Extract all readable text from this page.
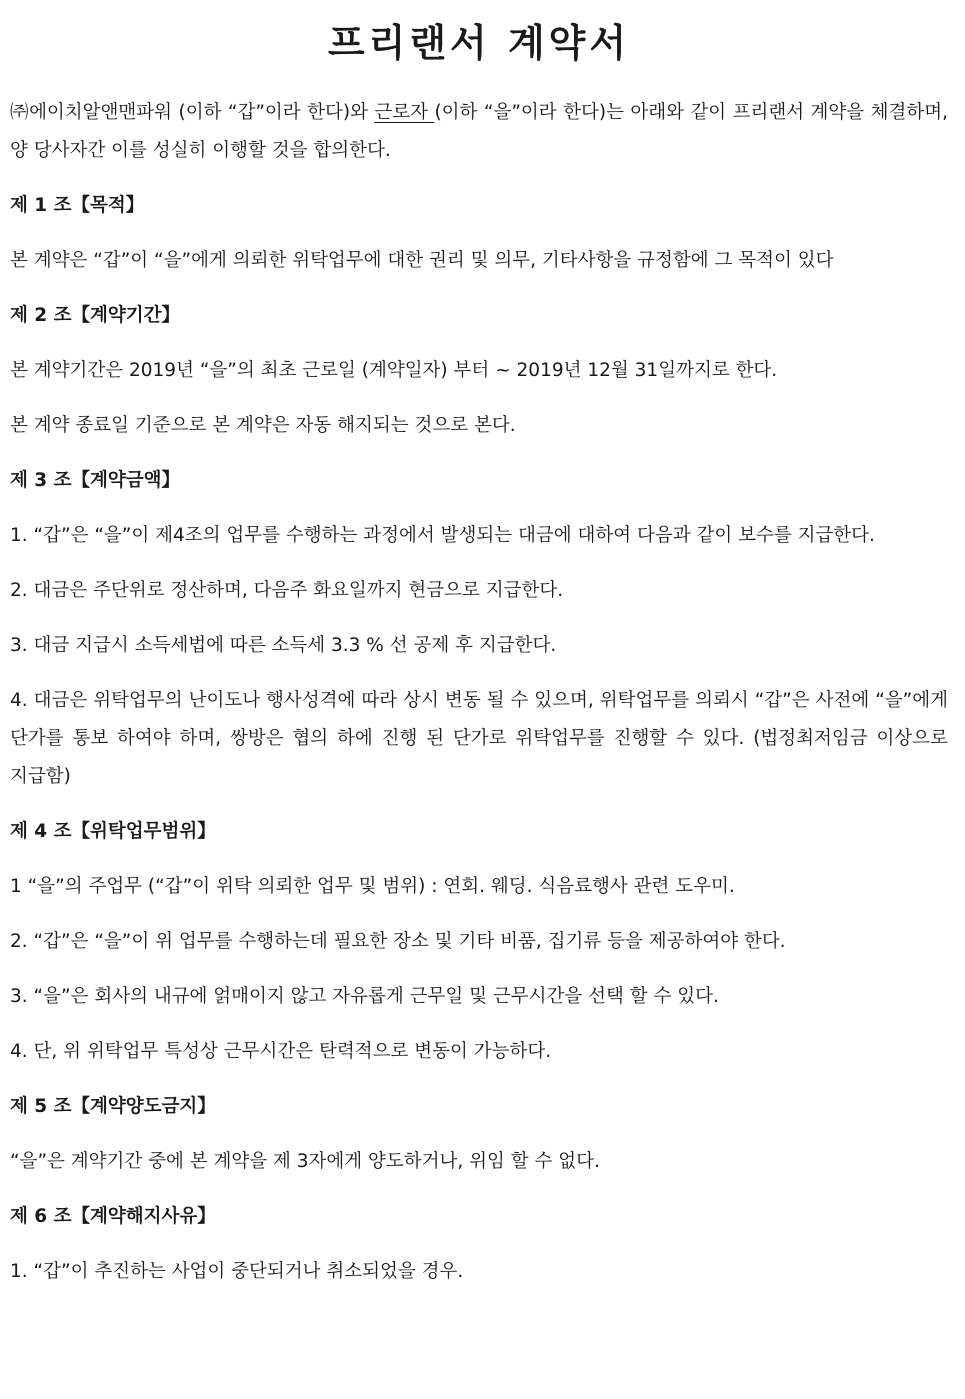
프리랜서 계약서

㈜에이치알앤맨파워 (이하 “갑”이라 한다)와 근로자 (이하 “을”이라 한다)는 아래와 같이 프리랜서 계약을 체결하며, 양 당사자간 이를 성실히 이행할 것을 합의한다.

제 1 조【목적】

본 계약은 “갑”이 “을”에게 의뢰한 위탁업무에 대한 권리 및 의무, 기타사항을 규정함에 그 목적이 있다

제 2 조【계약기간】

본 계약기간은 2019년 “을”의 최초 근로일 (계약일자) 부터 ~ 2019년 12월 31일까지로 한다.

본 계약 종료일 기준으로 본 계약은 자동 해지되는 것으로 본다.

제 3 조【계약금액】

1. “갑”은 “을”이 제4조의 업무를 수행하는 과정에서 발생되는 대금에 대하여 다음과 같이 보수를 지급한다.

2. 대금은 주단위로 정산하며, 다음주 화요일까지 현금으로 지급한다.

3. 대금 지급시 소득세법에 따른 소득세 3.3 % 선 공제 후 지급한다.

4. 대금은 위탁업무의 난이도나 행사성격에 따라 상시 변동 될 수 있으며, 위탁업무를 의뢰시 “갑”은 사전에 “을”에게 단가를 통보 하여야 하며, 쌍방은 협의 하에 진행 된 단가로 위탁업무를 진행할 수 있다. (법정최저임금 이상으로 지급함)

제 4 조【위탁업무범위】

1 “을”의 주업무 (“갑”이 위탁 의뢰한 업무 및 범위) : 연회. 웨딩. 식음료행사 관련 도우미.

2. “갑”은 “을”이 위 업무를 수행하는데 필요한 장소 및 기타 비품, 집기류 등을 제공하여야 한다.

3. “을”은 회사의 내규에 얽매이지 않고 자유롭게 근무일 및 근무시간을 선택 할 수 있다.

4. 단, 위 위탁업무 특성상 근무시간은 탄력적으로 변동이 가능하다.

제 5 조【계약양도금지】

“을”은 계약기간 중에 본 계약을 제 3자에게 양도하거나, 위임 할 수 없다.

제 6 조【계약해지사유】

1. “갑”이 추진하는 사업이 중단되거나 취소되었을 경우.
